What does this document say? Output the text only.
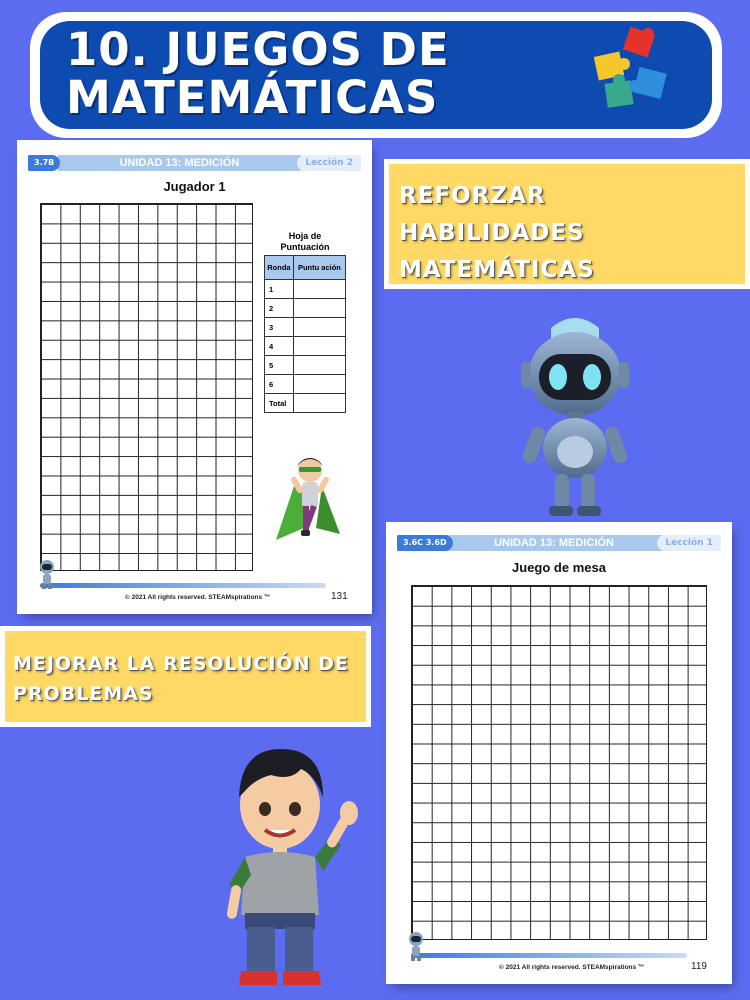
10. JUEGOS DE
MATEMÁTICAS
UNIDAD 13: MEDICIÓN
3.7B	Lección 2
Jugador 1
Hoja de
Puntuación
Ronda	Puntu ación
1	
2	
3	
4	
5	
6	
Total	
© 2021 All rights reserved. STEAMspirations ™	131
REFORZAR
HABILIDADES
MATEMÁTICAS
UNIDAD 13: MEDICIÓN
3.6C 3.6D	Lección 1
Juego de mesa
© 2021 All rights reserved. STEAMspirations ™	119
MEJORAR LA RESOLUCIÓN DE
PROBLEMAS
